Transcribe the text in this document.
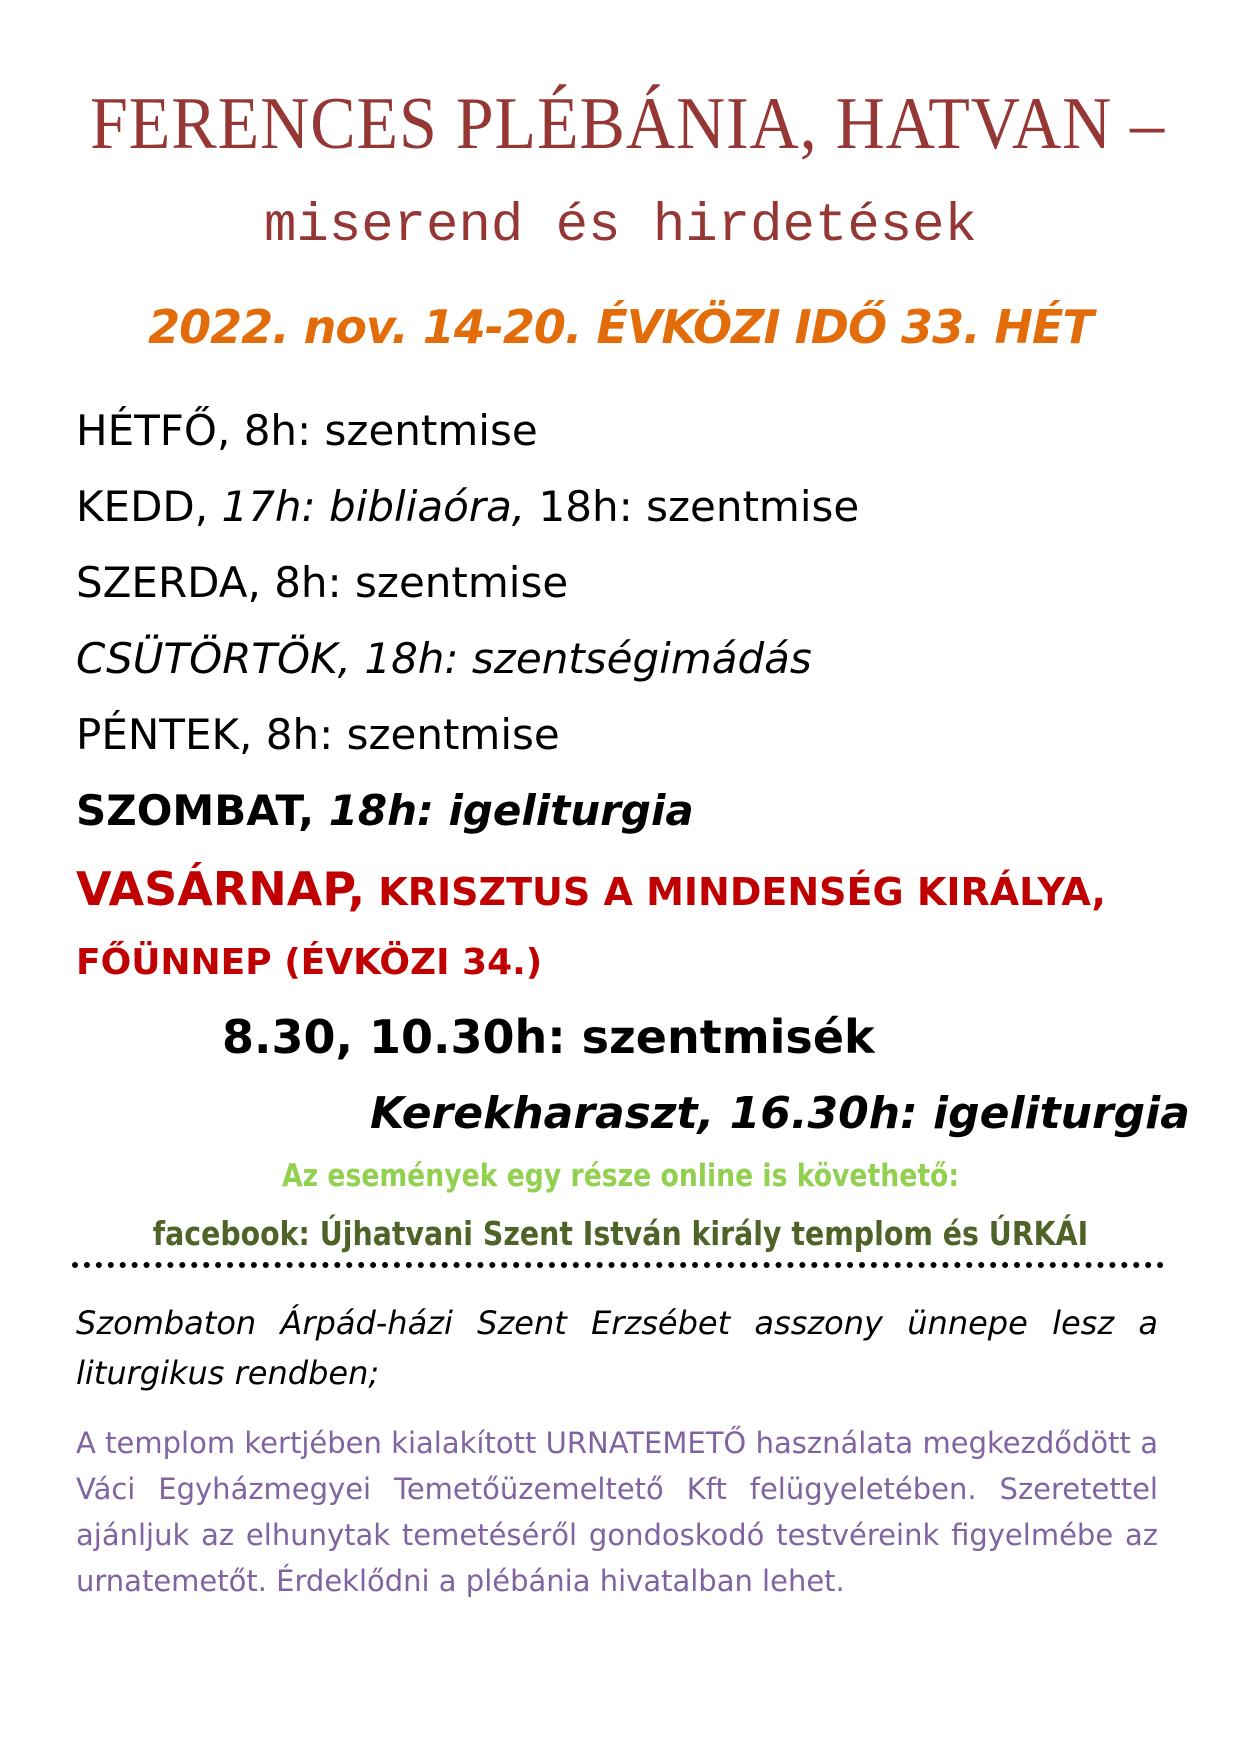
FERENCES PLÉBÁNIA, HATVAN –
miserend és hirdetések
2022. nov. 14-20. ÉVKÖZI IDŐ 33. HÉT
HÉTFŐ, 8h: szentmise
KEDD, 17h: bibliaóra, 18h: szentmise
SZERDA, 8h: szentmise
CSÜTÖRTÖK, 18h: szentségimádás
PÉNTEK, 8h: szentmise
SZOMBAT, 18h: igeliturgia
VASÁRNAP, KRISZTUS A MINDENSÉG KIRÁLYA,
FŐÜNNEP (ÉVKÖZI 34.)
8.30, 10.30h: szentmisék
Kerekharaszt, 16.30h: igeliturgia
Az események egy része online is követhető:
facebook: Újhatvani Szent István király templom és ÚRKÁI
Szombaton Árpád-házi Szent Erzsébet asszony ünnepe lesz a liturgikus rendben;
A templom kertjében kialakított URNATEMETŐ használata megkezdődött a Váci Egyházmegyei Temetőüzemeltető Kft felügyeletében. Szeretettel ajánljuk az elhunytak temetéséről gondoskodó testvéreink figyelmébe az urnatemetőt. Érdeklődni a plébánia hivatalban lehet.
